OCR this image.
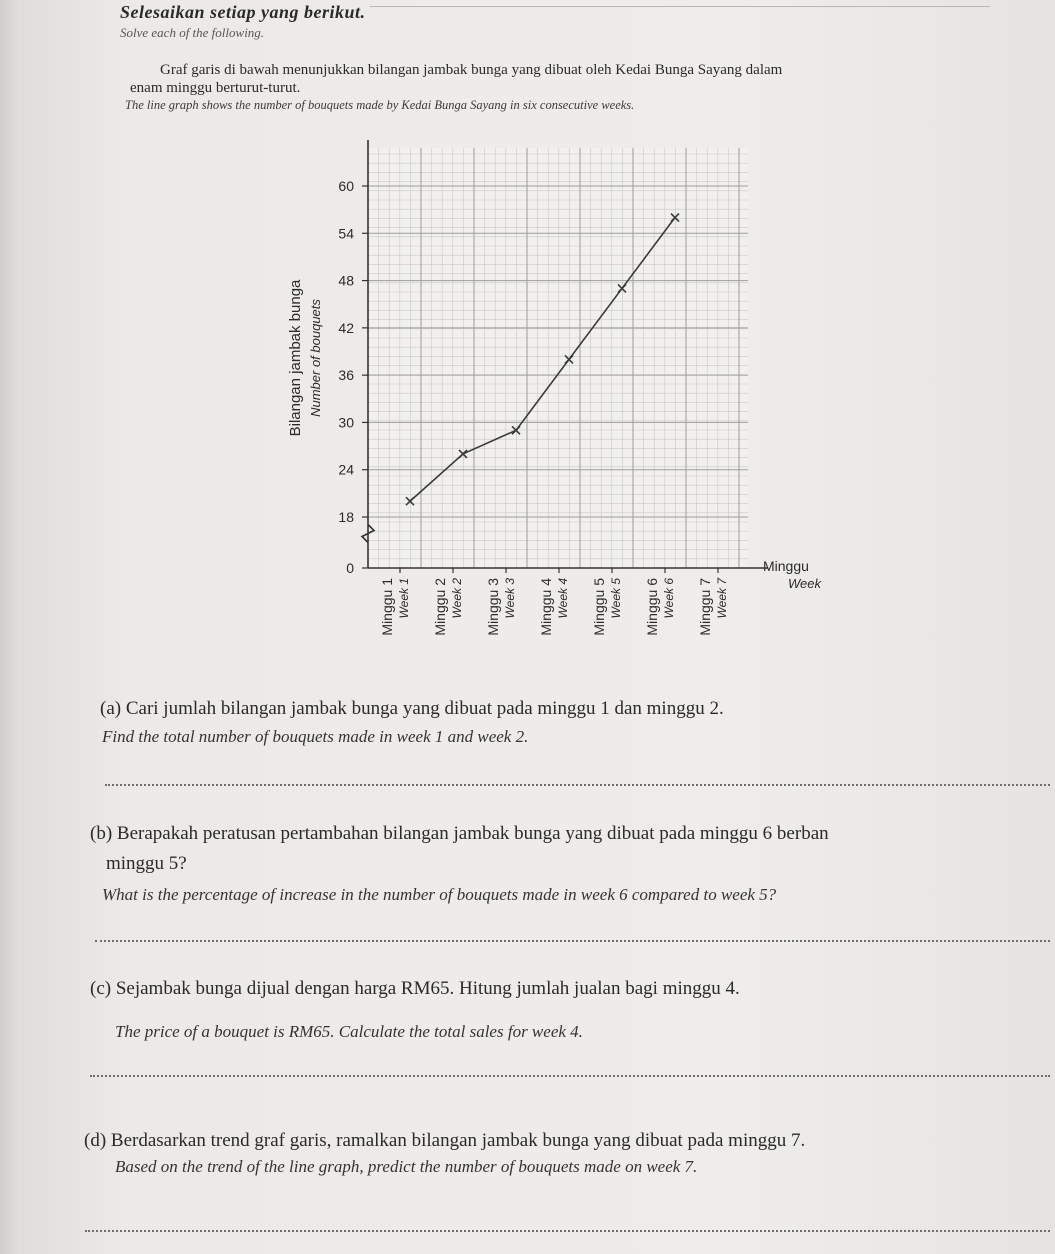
Selesaikan setiap yang berikut.

Solve each of the following.

Graf garis di bawah menunjukkan bilangan jambak bunga yang dibuat oleh Kedai Bunga Sayang dalam

enam minggu berturut-turut.

The line graph shows the number of bouquets made by Kedai Bunga Sayang in six consecutive weeks.

0
18
24
30
36
42
48
54
60
Bilangan jambak bunga Number of bouquets
Minggu
Week
Minggu 1 Week 1 Minggu 2 Week 2 Minggu 3 Week 3 Minggu 4 Week 4 Minggu 5 Week 5 Minggu 6 Week 6 Minggu 7 Week 7

(a) Cari jumlah bilangan jambak bunga yang dibuat pada minggu 1 dan minggu 2.

Find the total number of bouquets made in week 1 and week 2.

(b) Berapakah peratusan pertambahan bilangan jambak bunga yang dibuat pada minggu 6 berban

minggu 5?

What is the percentage of increase in the number of bouquets made in week 6 compared to week 5?

(c) Sejambak bunga dijual dengan harga RM65. Hitung jumlah jualan bagi minggu 4.

The price of a bouquet is RM65. Calculate the total sales for week 4.

(d) Berdasarkan trend graf garis, ramalkan bilangan jambak bunga yang dibuat pada minggu 7.

Based on the trend of the line graph, predict the number of bouquets made on week 7.
